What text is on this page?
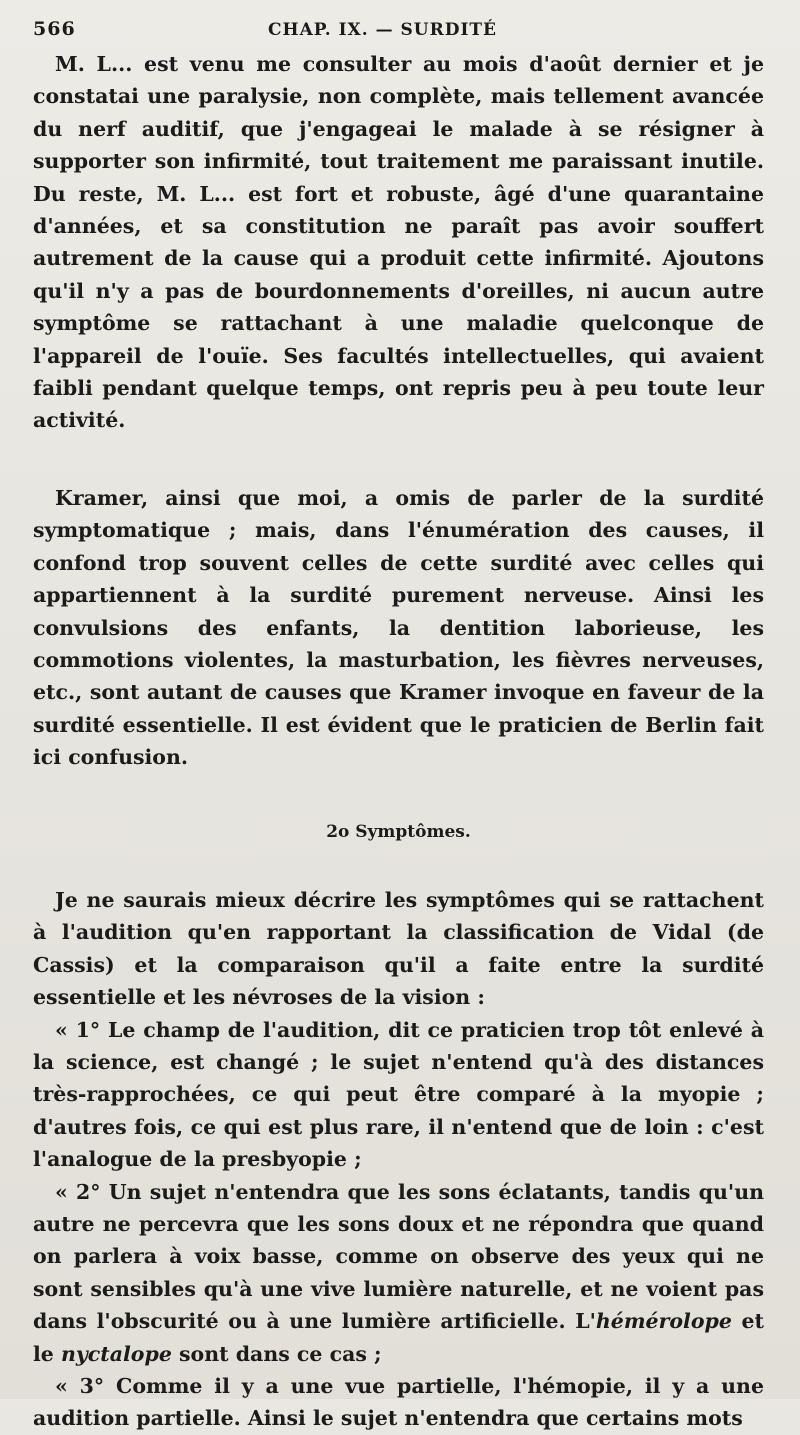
566	CHAP. IX. — SURDITÉ

M. L... est venu me consulter au mois d'août dernier et je constatai une paralysie, non complète, mais tellement avancée du nerf auditif, que j'engageai le malade à se résigner à supporter son infirmité, tout traitement me paraissant inutile. Du reste, M. L... est fort et robuste, âgé d'une quarantaine d'années, et sa constitution ne paraît pas avoir souffert autrement de la cause qui a produit cette infirmité. Ajoutons qu'il n'y a pas de bourdonnements d'oreilles, ni aucun autre symptôme se rattachant à une maladie quelconque de l'appareil de l'ouïe. Ses facultés intellectuelles, qui avaient faibli pendant quelque temps, ont repris peu à peu toute leur activité.

Kramer, ainsi que moi, a omis de parler de la surdité symptomatique ; mais, dans l'énumération des causes, il confond trop souvent celles de cette surdité avec celles qui appartiennent à la surdité purement nerveuse. Ainsi les convulsions des enfants, la dentition laborieuse, les commotions violentes, la masturbation, les fièvres nerveuses, etc., sont autant de causes que Kramer invoque en faveur de la surdité essentielle. Il est évident que le praticien de Berlin fait ici confusion.

2o Symptômes.

Je ne saurais mieux décrire les symptômes qui se rattachent à l'audition qu'en rapportant la classification de Vidal (de Cassis) et la comparaison qu'il a faite entre la surdité essentielle et les névroses de la vision :

« 1° Le champ de l'audition, dit ce praticien trop tôt enlevé à la science, est changé ; le sujet n'entend qu'à des distances très-rapprochées, ce qui peut être comparé à la myopie ; d'autres fois, ce qui est plus rare, il n'entend que de loin : c'est l'analogue de la presbyopie ;

« 2° Un sujet n'entendra que les sons éclatants, tandis qu'un autre ne percevra que les sons doux et ne répondra que quand on parlera à voix basse, comme on observe des yeux qui ne sont sensibles qu'à une vive lumière naturelle, et ne voient pas dans l'obscurité ou à une lumière artificielle. L'hémérolope et le nyctalope sont dans ce cas ;

« 3° Comme il y a une vue partielle, l'hémopie, il y a une audition partielle. Ainsi le sujet n'entendra que certains mots
